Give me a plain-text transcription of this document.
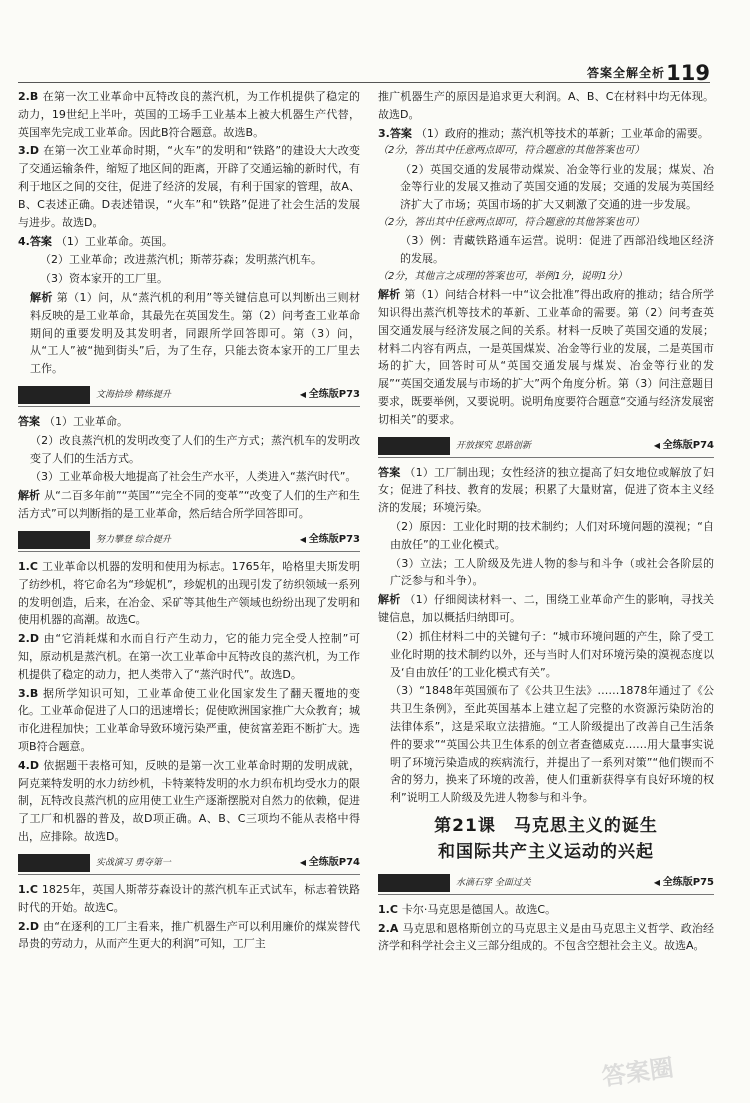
答案全解全析 119

2.B 在第一次工业革命中瓦特改良的蒸汽机，为工作机提供了稳定的动力，19世纪上半叶，英国的工场手工业基本上被大机器生产代替，英国率先完成工业革命。因此B符合题意。故选B。

3.D 在第一次工业革命时期，“火车”的发明和“铁路”的建设大大改变了交通运输条件，缩短了地区间的距离，开辟了交通运输的新时代，有利于地区之间的交往，促进了经济的发展，有利于国家的管理，故A、B、C表述正确。D表述错误，“火车”和“铁路”促进了社会生活的发展与进步。故选D。

4.答案 （1）工业革命。英国。

（2）工业革命；改进蒸汽机；斯蒂芬森；发明蒸汽机车。

（3）资本家开的工厂里。

解析 第（1）问，从“蒸汽机的利用”等关键信息可以判断出三则材料反映的是工业革命，其最先在英国发生。第（2）问考查工业革命期间的重要发明及其发明者，同跟所学回答即可。第（3）问，从“工人”被“抛到街头”后，为了生存，只能去资本家开的工厂里去工作。

文海拾珍 精练提升	◀ 全练版P73

答案 （1）工业革命。

（2）改良蒸汽机的发明改变了人们的生产方式；蒸汽机车的发明改变了人们的生活方式。

（3）工业革命极大地提高了社会生产水平，人类进入“蒸汽时代”。

解析 从“二百多年前”“英国”“完全不同的变革”“改变了人们的生产和生活方式”可以判断指的是工业革命，然后结合所学回答即可。

努力攀登 综合提升	◀ 全练版P73

1.C 工业革命以机器的发明和使用为标志。1765年，哈格里夫斯发明了纺纱机，将它命名为“珍妮机”，珍妮机的出现引发了纺织领域一系列的发明创造，后来，在冶金、采矿等其他生产领域也纷纷出现了发明和使用机器的高潮。故选C。

2.D 由“它消耗煤和水而自行产生动力，它的能力完全受人控制”可知，原动机是蒸汽机。在第一次工业革命中瓦特改良的蒸汽机，为工作机提供了稳定的动力，把人类带入了“蒸汽时代”。故选D。

3.B 据所学知识可知，工业革命使工业化国家发生了翻天覆地的变化。工业革命促进了人口的迅速增长；促使欧洲国家推广大众教育；城市化进程加快；工业革命导致环境污染严重，使贫富差距不断扩大。选项B符合题意。

4.D 依据题干表格可知，反映的是第一次工业革命时期的发明成就，阿克莱特发明的水力纺纱机，卡特莱特发明的水力织布机均受水力的限制，瓦特改良蒸汽机的应用使工业生产逐渐摆脱对自然力的依赖，促进了工厂和机器的普及，故D项正确。A、B、C三项均不能从表格中得出，应排除。故选D。

实战演习 勇夺第一	◀ 全练版P74

1.C 1825年，英国人斯蒂芬森设计的蒸汽机车正式试车，标志着铁路时代的开始。故选C。

2.D 由“在逐利的工厂主看来，推广机器生产可以利用廉价的煤炭替代昂贵的劳动力，从而产生更大的利润”可知，工厂主

推广机器生产的原因是追求更大利润。A、B、C在材料中均无体现。故选D。

3.答案 （1）政府的推动；蒸汽机等技术的革新；工业革命的需要。

（2分，答出其中任意两点即可，符合题意的其他答案也可）

（2）英国交通的发展带动煤炭、冶金等行业的发展；煤炭、冶金等行业的发展又推动了英国交通的发展；交通的发展为英国经济扩大了市场；英国市场的扩大又刺激了交通的进一步发展。

（2分，答出其中任意两点即可，符合题意的其他答案也可）

（3）例：青藏铁路通车运营。说明：促进了西部沿线地区经济的发展。

（2分，其他言之成理的答案也可，举例1分，说明1分）

解析 第（1）问结合材料一中“议会批准”得出政府的推动；结合所学知识得出蒸汽机等技术的革新、工业革命的需要。第（2）问考查英国交通发展与经济发展之间的关系。材料一反映了英国交通的发展；材料二内容有两点，一是英国煤炭、冶金等行业的发展，二是英国市场的扩大，回答时可从“英国交通发展与煤炭、冶金等行业的发展”“英国交通发展与市场的扩大”两个角度分析。第（3）问注意题目要求，既要举例，又要说明。说明角度要符合题意“交通与经济发展密切相关”的要求。

开放探究 思路创新	◀ 全练版P74

答案 （1）工厂制出现；女性经济的独立提高了妇女地位或解放了妇女；促进了科技、教育的发展；积累了大量财富，促进了资本主义经济的发展；环境污染。

（2）原因：工业化时期的技术制约；人们对环境问题的漠视；“自由放任”的工业化模式。

（3）立法；工人阶级及先进人物的参与和斗争（或社会各阶层的广泛参与和斗争）。

解析 （1）仔细阅读材料一、二，围绕工业革命产生的影响，寻找关键信息，加以概括归纳即可。

（2）抓住材料二中的关键句子：“城市环境问题的产生，除了受工业化时期的技术制约以外，还与当时人们对环境污染的漠视态度以及‘自由放任’的工业化模式有关”。

（3）“1848年英国颁布了《公共卫生法》……1878年通过了《公共卫生条例》，至此英国基本上建立起了完整的水资源污染防治的法律体系”，这是采取立法措施。“工人阶级提出了改善自己生活条件的要求”“英国公共卫生体系的创立者查德威克……用大量事实说明了环境污染造成的疾病流行，并提出了一系列对策”“他们锲而不舍的努力，换来了环境的改善，使人们重新获得享有良好环境的权利”说明工人阶级及先进人物参与和斗争。

第21课　马克思主义的诞生
和国际共产主义运动的兴起
水滴石穿 全面过关	◀ 全练版P75

1.C 卡尔·马克思是德国人。故选C。

2.A 马克思和恩格斯创立的马克思主义是由马克思主义哲学、政治经济学和科学社会主义三部分组成的。不包含空想社会主义。故选A。

答案圈
